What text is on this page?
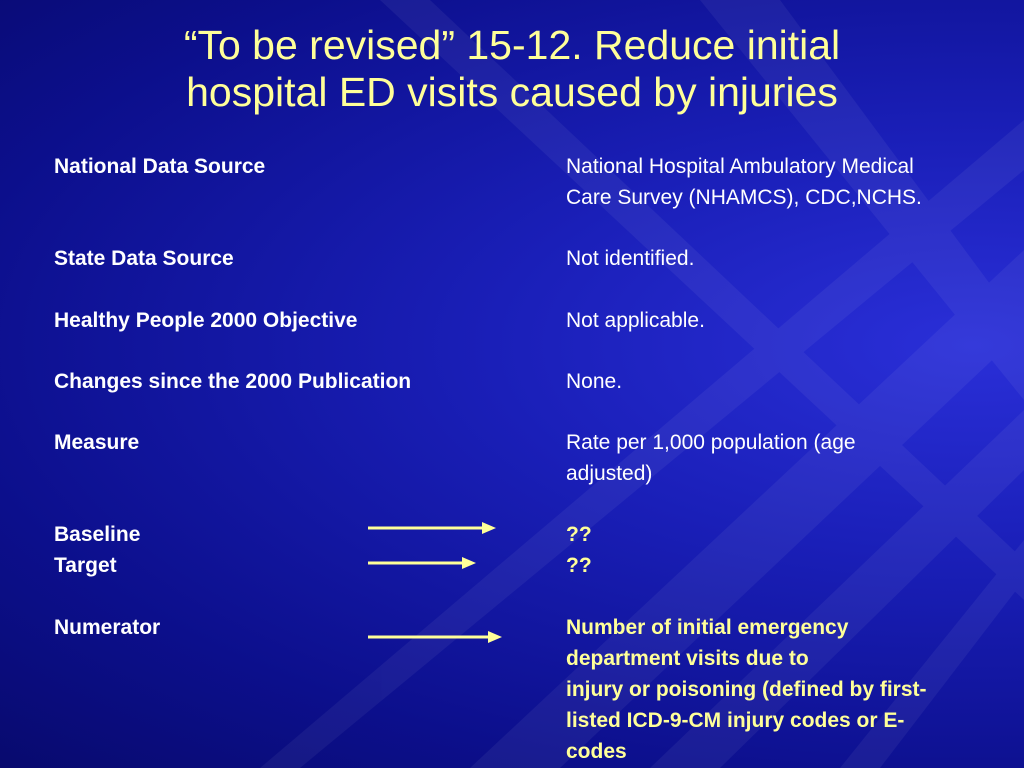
“To be revised” 15-12. Reduce initial
hospital ED visits caused by injuries
National Data Source	National Hospital Ambulatory Medical
Care Survey (NHAMCS), CDC,NCHS.
State Data Source	Not identified.
Healthy People 2000 Objective	Not applicable.
Changes since the 2000 Publication	None.
Measure	Rate per 1,000 population (age
adjusted)
Baseline	??
Target	??
Numerator	Number of initial emergency
department visits due to
injury or poisoning (defined by first-
listed ICD-9-CM injury codes or E-
codes
